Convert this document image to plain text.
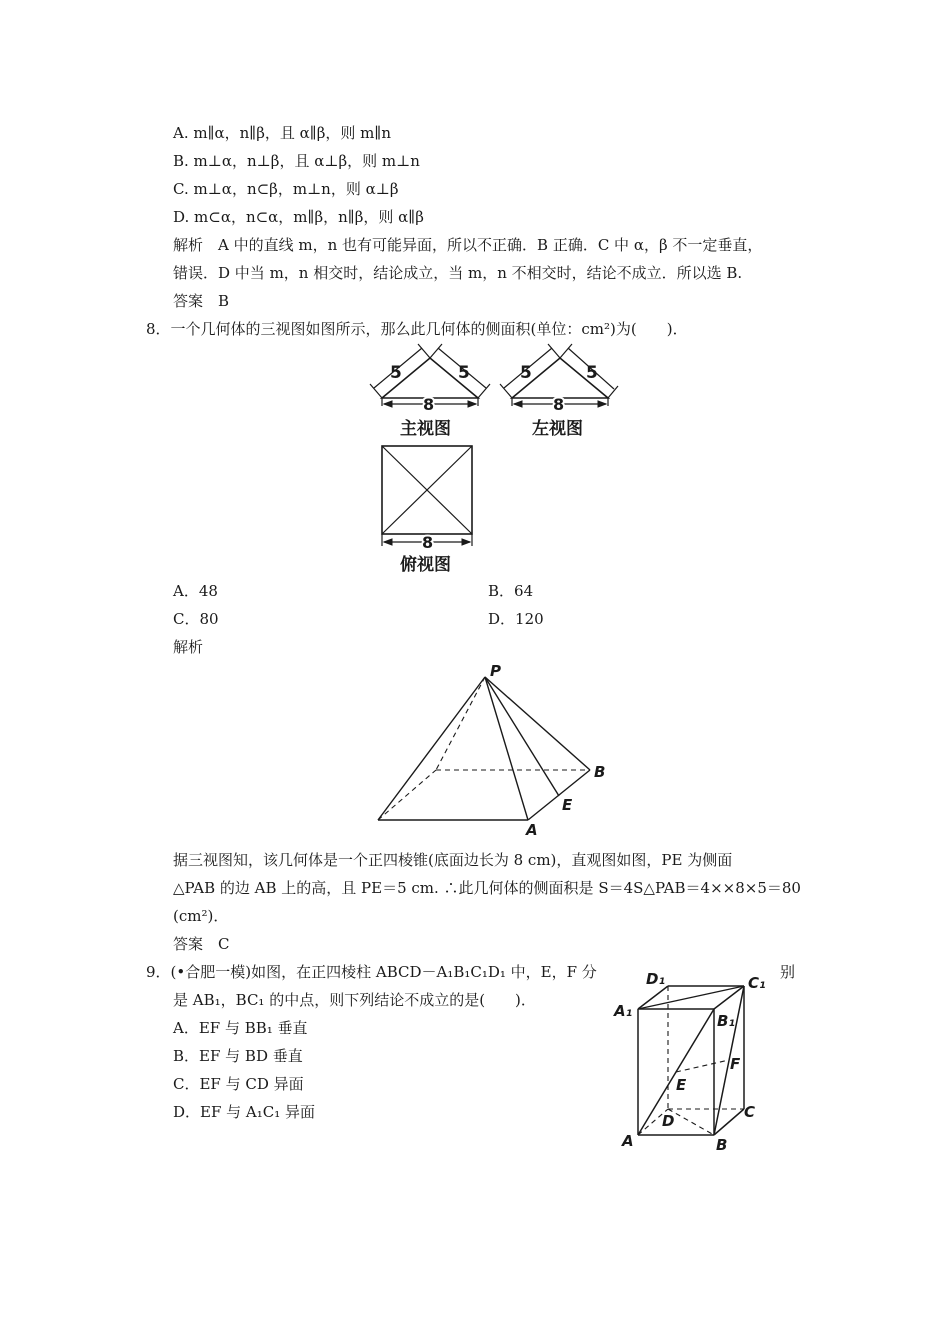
A. m∥α，n∥β，且 α∥β，则 m∥n
B. m⊥α，n⊥β，且 α⊥β，则 m⊥n
C. m⊥α，n⊂β，m⊥n，则 α⊥β
D. m⊂α，n⊂α，m∥β，n∥β，则 α∥β
解析　A 中的直线 m，n 也有可能异面，所以不正确．B 正确．C 中 α，β 不一定垂直，
错误．D 中当 m，n 相交时，结论成立，当 m，n 不相交时，结论不成立．所以选 B.
答案　B
8．一个几何体的三视图如图所示，那么此几何体的侧面积(单位：cm²)为(　　)．
5	5
8
主视图
5	5
8
左视图
8
俯视图
A．48	B．64
C．80	D．120
解析
P
B
E
A
据三视图知，该几何体是一个正四棱锥(底面边长为 8 cm)，直观图如图，PE 为侧面
△PAB 的边 AB 上的高，且 PE＝5 cm. ∴此几何体的侧面积是 S＝4S△PAB＝4××8×5＝80
(cm²)．
答案　C
9．(•合肥一模)如图，在正四棱柱 ABCD－A₁B₁C₁D₁ 中，E，F 分	别
是 AB₁，BC₁ 的中点，则下列结论不成立的是(　　)．
A．EF 与 BB₁ 垂直
B．EF 与 BD 垂直
C．EF 与 CD 异面
D．EF 与 A₁C₁ 异面
D₁	C₁
A₁
B₁
F
E
D	C
A	B
